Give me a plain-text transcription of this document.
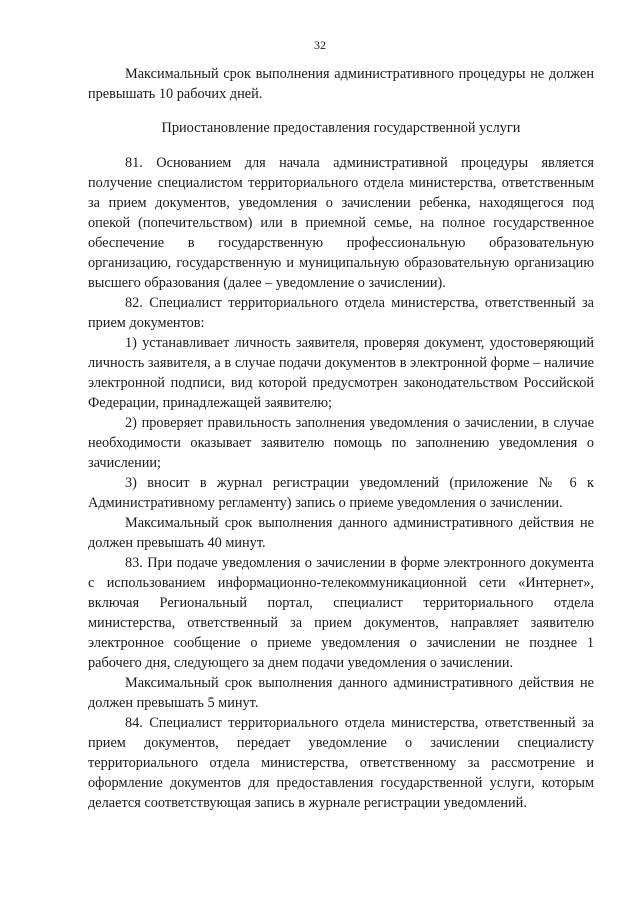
32

Максимальный срок выполнения административного процедуры не должен превышать 10 рабочих дней.

Приостановление предоставления государственной услуги

81. Основанием для начала административной процедуры является получение специалистом территориального отдела министерства, ответственным за прием документов, уведомления о зачислении ребенка, находящегося под опекой (попечительством) или в приемной семье, на полное государственное обеспечение в государственную профессиональную образовательную организацию, государственную и муниципальную образовательную организацию высшего образования (далее – уведомление о зачислении).

82. Специалист территориального отдела министерства, ответственный за прием документов:

1) устанавливает личность заявителя, проверяя документ, удостоверяющий личность заявителя, а в случае подачи документов в электронной форме – наличие электронной подписи, вид которой предусмотрен законодательством Российской Федерации, принадлежащей заявителю;

2) проверяет правильность заполнения уведомления о зачислении, в случае необходимости оказывает заявителю помощь по заполнению уведомления о зачислении;

3) вносит в журнал регистрации уведомлений (приложение № 6 к Административному регламенту) запись о приеме уведомления о зачислении.

Максимальный срок выполнения данного административного действия не должен превышать 40 минут.

83. При подаче уведомления о зачислении в форме электронного документа с использованием информационно-телекоммуникационной сети «Интернет», включая Региональный портал, специалист территориального отдела министерства, ответственный за прием документов, направляет заявителю электронное сообщение о приеме уведомления о зачислении не позднее 1 рабочего дня, следующего за днем подачи уведомления о зачислении.

Максимальный срок выполнения данного административного действия не должен превышать 5 минут.

84. Специалист территориального отдела министерства, ответственный за прием документов, передает уведомление о зачислении специалисту территориального отдела министерства, ответственному за рассмотрение и оформление документов для предоставления государственной услуги, которым делается соответствующая запись в журнале регистрации уведомлений.
